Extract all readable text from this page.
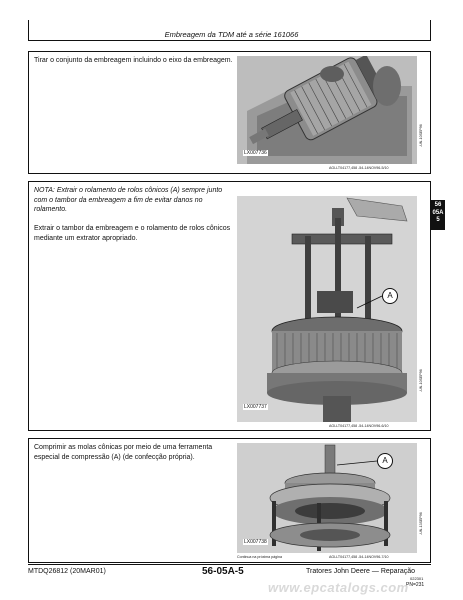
Embreagem da TDM até a série 161066
Tirar o conjunto da embreagem incluindo o eixo da embreagem.
LX007736
-UN-10SEP96
AGLLT04177,458 -54-14NOV96-5/10
NOTA: Extrair o rolamento de rolos cônicos (A) sempre junto com o tambor da embreagem a fim de evitar danos no rolamento.
Extrair o tambor da embreagem e o rolamento de rolos cônicos mediante um extrator apropriado.
A
LX007737
-UN-10SEP96
AGLLT04177,458 -54-14NOV96-6/10
56
05A
5
Comprimir as molas cônicas por meio de uma ferramenta especial de compressão (A) (de confecção própria).	A
LX007738
-UN-13SEP96
Continua na próxima página	AGLLT04177,458 -54-14NOV96-7/10
MTDQ26812 (20MAR01)	56-05A-5	Tratores John Deere — Reparação
022301
PN=231
www.epcatalogs.com
